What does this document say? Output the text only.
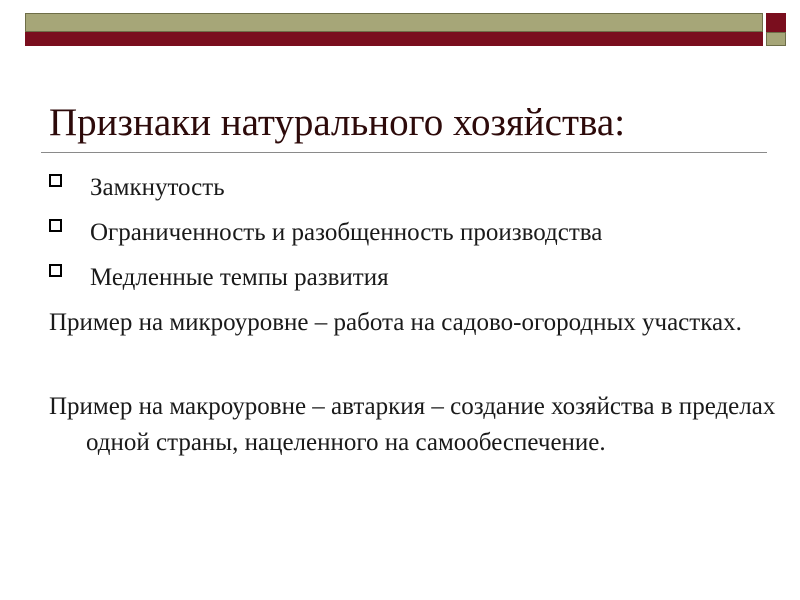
Признаки натурального хозяйства:
Замкнутость
Ограниченность и разобщенность производства
Медленные темпы развития

Пример на микроуровне – работа на садово-огородных участках.

Пример на макроуровне – автаркия – создание хозяйства в пределах одной страны, нацеленного на самообеспечение.
